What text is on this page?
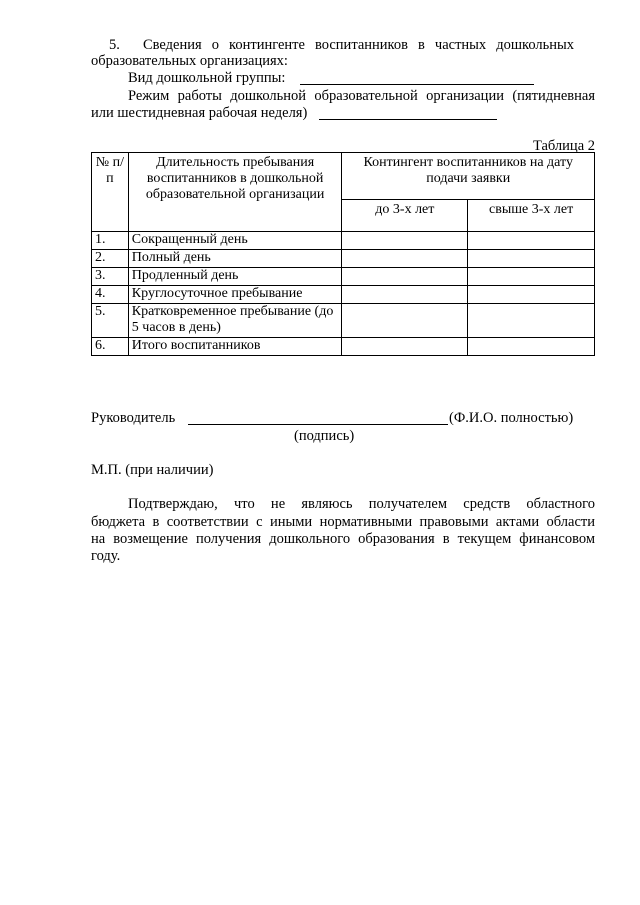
5. Сведения о контингенте воспитанников в частных дошкольных
образовательных организациях:
Вид дошкольной группы:
Режим работы дошкольной образовательной организации (пятидневная
или шестидневная рабочая неделя)
Таблица 2
№ п/п	Длительность пребывания воспитанников в дошкольной образовательной организации	Контингент воспитанников на дату подачи заявки	
		до 3-х лет	свыше 3-х лет
1.	Сокращенный день		
2.	Полный день		
3.	Продленный день		
4.	Круглосуточное пребывание		
5.	Кратковременное пребывание (до 5 часов в день)		
6.	Итого воспитанников		
Руководитель	(Ф.И.О. полностью)
(подпись)
М.П. (при наличии)
Подтверждаю, что не являюсь получателем средств областного
бюджета в соответствии с иными нормативными правовыми актами области
на возмещение получения дошкольного образования в текущем финансовом
году.
